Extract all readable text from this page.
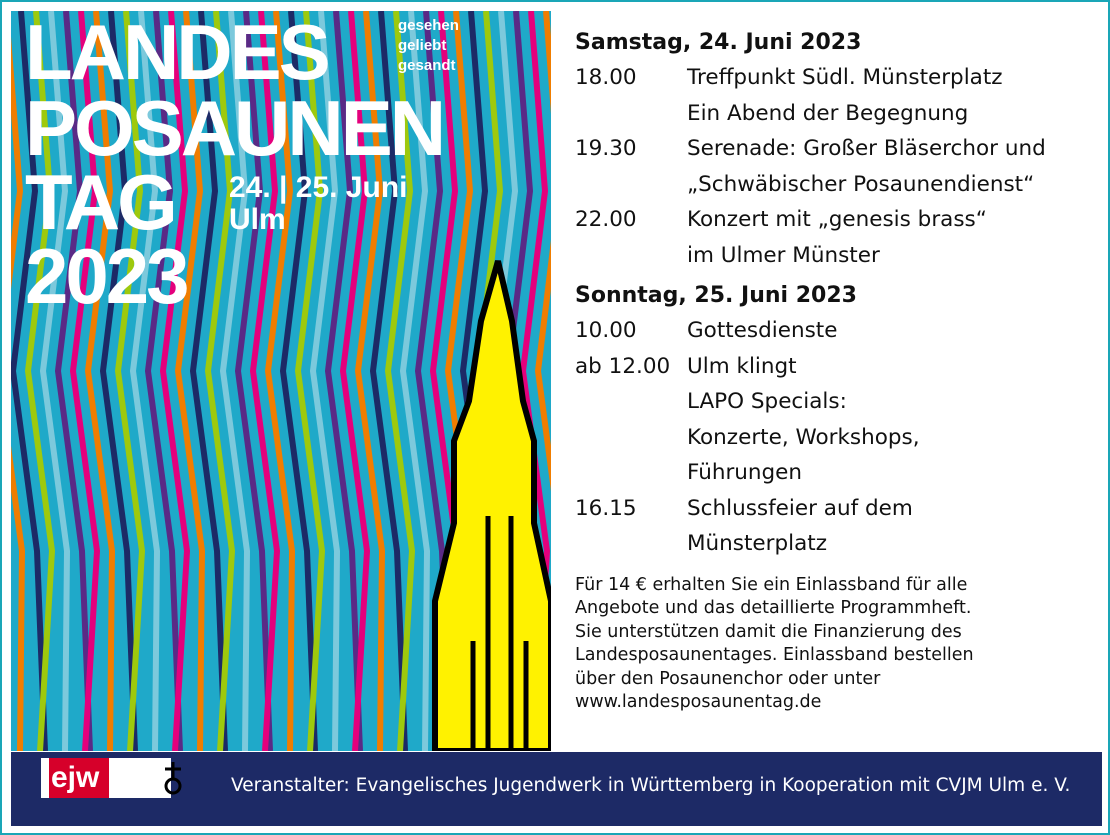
LANDES
POSAUNEN
TAG
2023
gesehen
geliebt
gesandt
24. | 25. Juni
Ulm
Samstag, 24. Juni 2023
18.00	Treffpunkt Südl. Münsterplatz
Ein Abend der Begegnung
19.30	Serenade: Großer Bläserchor und
„Schwäbischer Posaunendienst“
22.00	Konzert mit „genesis brass“
im Ulmer Münster
Sonntag, 25. Juni 2023
10.00	Gottesdienste
ab 12.00 Ulm klingt
LAPO Specials:
Konzerte, Workshops,
Führungen
16.15	Schlussfeier auf dem
Münsterplatz
Für 14 € erhalten Sie ein Einlassband für alle
Angebote und das detaillierte Programmheft.
Sie unterstützen damit die Finanzierung des
Landesposaunentages. Einlassband bestellen
über den Posaunenchor oder unter
www.landesposaunentag.de
ejw	Veranstalter: Evangelisches Jugendwerk in Württemberg in Kooperation mit CVJM Ulm e. V.
